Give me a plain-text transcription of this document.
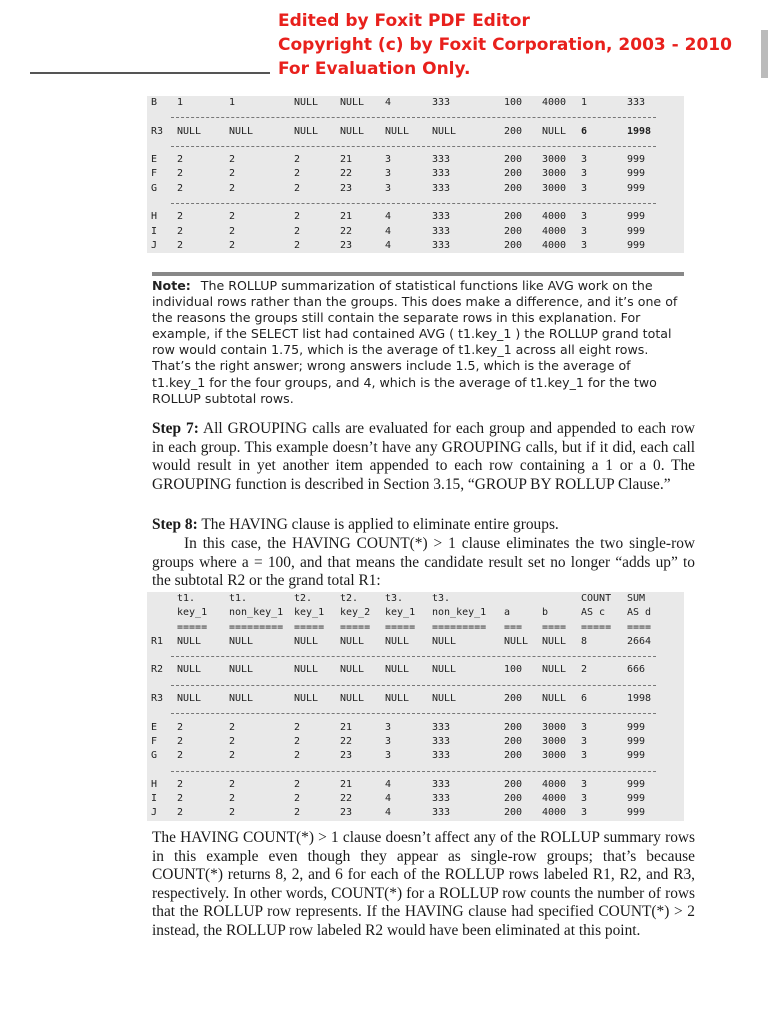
Edited by Foxit PDF Editor
Copyright (c) by Foxit Corporation, 2003 - 2010
For Evaluation Only.
B 1	1	NULL NULL 4	333	100 4000 1	333
R3 NULL	NULL	NULL NULL NULL NULL	200 NULL 6	1998
E 2	2	2	21	3	333	200 3000 3	999
F 2	2	2	22	3	333	200 3000 3	999
G 2	2	2	23	3	333	200 3000 3	999
H 2	2	2	21	4	333	200 4000 3	999
I 2	2	2	22	4	333	200 4000 3	999
J 2	2	2	23	4	333	200 4000 3	999
Note: The ROLLUP summarization of statistical functions like AVG work on the individual rows rather than the groups. This does make a difference, and it’s one of the reasons the groups still contain the separate rows in this explanation. For example, if the SELECT list had contained AVG ( t1.key_1 ) the ROLLUP grand total row would contain 1.75, which is the average of t1.key_1 across all eight rows. That’s the right answer; wrong answers include 1.5, which is the average of t1.key_1 for the four groups, and 4, which is the average of t1.key_1 for the two ROLLUP subtotal rows.
Step 7: All GROUPING calls are evaluated for each group and appended to each row in each group. This example doesn’t have any GROUPING calls, but if it did, each call would result in yet another item appended to each row containing a 1 or a 0. The GROUPING function is described in Section 3.15, “GROUP BY ROLLUP Clause.”
Step 8: The HAVING clause is applied to eliminate entire groups.
In this case, the HAVING COUNT(*) > 1 clause eliminates the two single-row groups where a = 100, and that means the candidate result set no longer “adds up” to the subtotal R2 or the grand total R1:
t1.	t1.	t2.	t2.	t3.	t3.	COUNT SUM
key_1 non_key_1 key_1 key_2 key_1 non_key_1 a	b	AS c AS d
===== ========= ===== ===== ===== ========= === ==== ===== ====
R1 NULL	NULL	NULL NULL NULL NULL	NULL NULL 8	2664
R2 NULL	NULL	NULL NULL NULL NULL	100 NULL 2	666
R3 NULL	NULL	NULL NULL NULL NULL	200 NULL 6	1998
E 2	2	2	21	3	333	200 3000 3	999
F 2	2	2	22	3	333	200 3000 3	999
G 2	2	2	23	3	333	200 3000 3	999
H 2	2	2	21	4	333	200 4000 3	999
I 2	2	2	22	4	333	200 4000 3	999
J 2	2	2	23	4	333	200 4000 3	999
The HAVING COUNT(*) > 1 clause doesn’t affect any of the ROLLUP summary rows in this example even though they appear as single-row groups; that’s because COUNT(*) returns 8, 2, and 6 for each of the ROLLUP rows labeled R1, R2, and R3, respectively. In other words, COUNT(*) for a ROLLUP row counts the number of rows that the ROLLUP row represents. If the HAVING clause had specified COUNT(*) > 2 instead, the ROLLUP row labeled R2 would have been eliminated at this point.
